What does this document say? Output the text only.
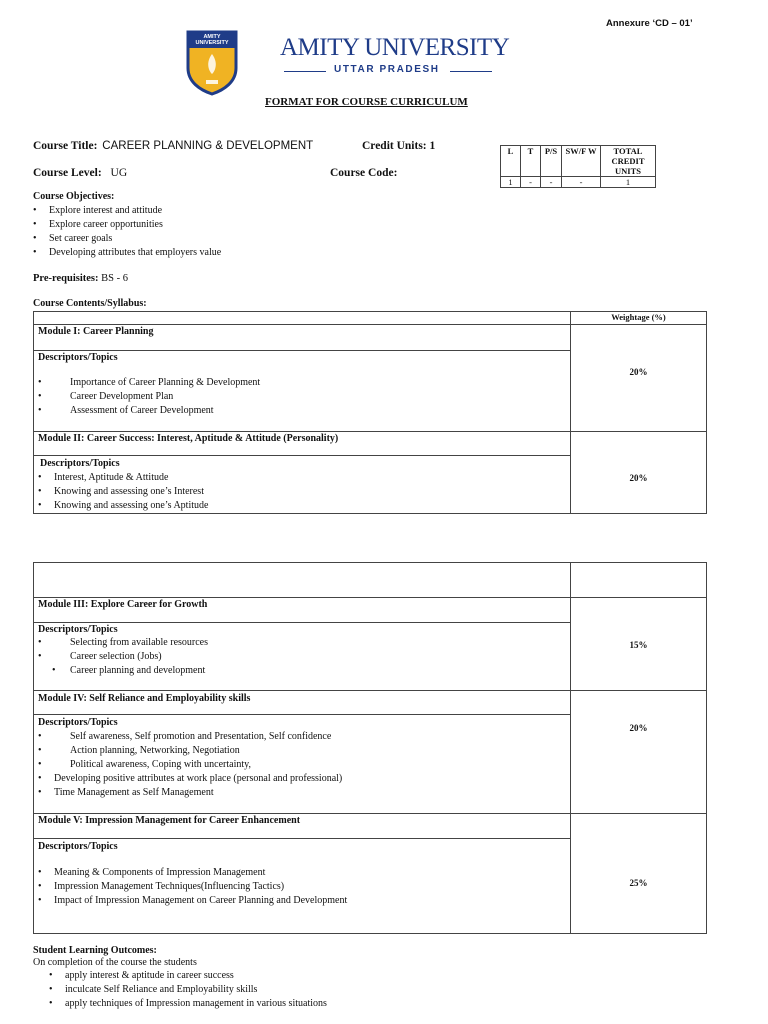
Annexure ‘CD – 01’
AMITY UNIVERSITY AMITY UNIVERSITY
UTTAR PRADESH
FORMAT FOR COURSE CURRICULUM
Course Title: CAREER PLANNING & DEVELOPMENT	Credit Units: 1
Course Level: UG	Course Code:
L	T	P/S	SW/F W	TOTAL CREDIT UNITS
1	-	-	-	1
Course Objectives:
• Explore interest and attitude
• Explore career opportunities
• Set career goals
• Developing attributes that employers value
Pre-requisites: BS - 6
Course Contents/Syllabus:
Weightage (%)
Module I: Career Planning
Descriptors/Topics
• Importance of Career Planning & Development
• Career Development Plan
• Assessment of Career Development
20%
Module II: Career Success: Interest, Aptitude & Attitude (Personality)
Descriptors/Topics
• Interest, Aptitude & Attitude
• Knowing and assessing one’s Interest
• Knowing and assessing one’s Aptitude
20%
Module III: Explore Career for Growth
Descriptors/Topics
• Selecting from available resources
• Career selection (Jobs)
• Career planning and development
15%
Module IV: Self Reliance and Employability skills
Descriptors/Topics
• Self awareness, Self promotion and Presentation, Self confidence
• Action planning, Networking, Negotiation
• Political awareness, Coping with uncertainty,
• Developing positive attributes at work place (personal and professional)
• Time Management as Self Management
20%
Module V: Impression Management for Career Enhancement
Descriptors/Topics
• Meaning & Components of Impression Management
• Impression Management Techniques(Influencing Tactics)
• Impact of Impression Management on Career Planning and Development
25%
Student Learning Outcomes:
On completion of the course the students
• apply interest & aptitude in career success
• inculcate Self Reliance and Employability skills
• apply techniques of Impression management in various situations
